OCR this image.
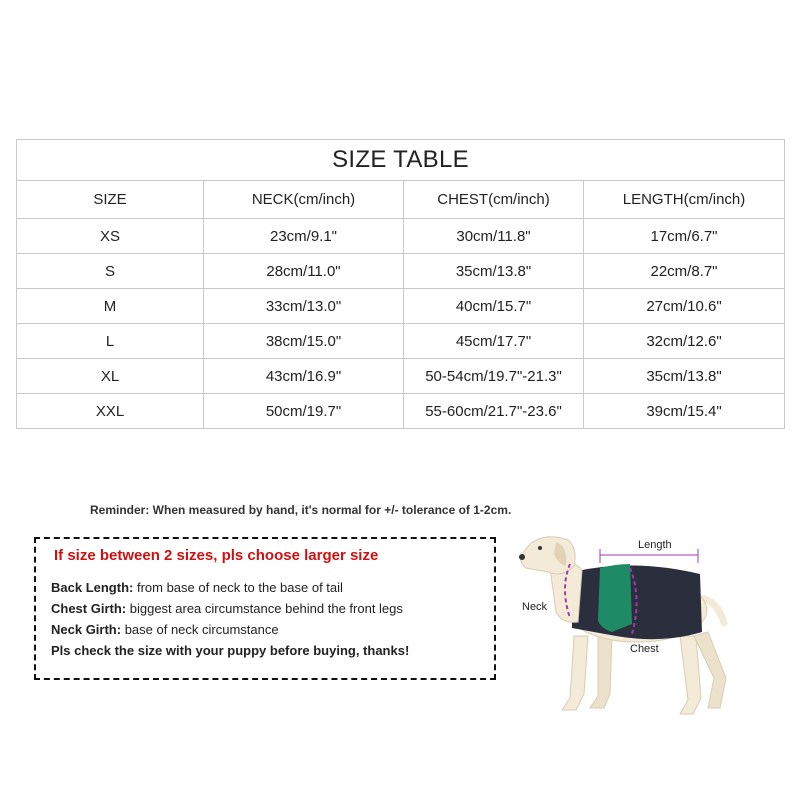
SIZE TABLE			
SIZE	NECK(cm/inch)	CHEST(cm/inch)	LENGTH(cm/inch)
XS	23cm/9.1"	30cm/11.8"	17cm/6.7"
S	28cm/11.0"	35cm/13.8"	22cm/8.7"
M	33cm/13.0"	40cm/15.7"	27cm/10.6"
L	38cm/15.0"	45cm/17.7"	32cm/12.6"
XL	43cm/16.9"	50-54cm/19.7"-21.3"	35cm/13.8"
XXL	50cm/19.7"	55-60cm/21.7"-23.6"	39cm/15.4"
Reminder: When measured by hand, it's normal for +/- tolerance of 1-2cm.
If size between 2 sizes, pls choose larger size
Back Length: from base of neck to the base of tail
Chest Girth: biggest area circumstance behind the front legs
Neck Girth: base of neck circumstance
Pls check the size with your puppy before buying, thanks!
Length
Neck
Chest
